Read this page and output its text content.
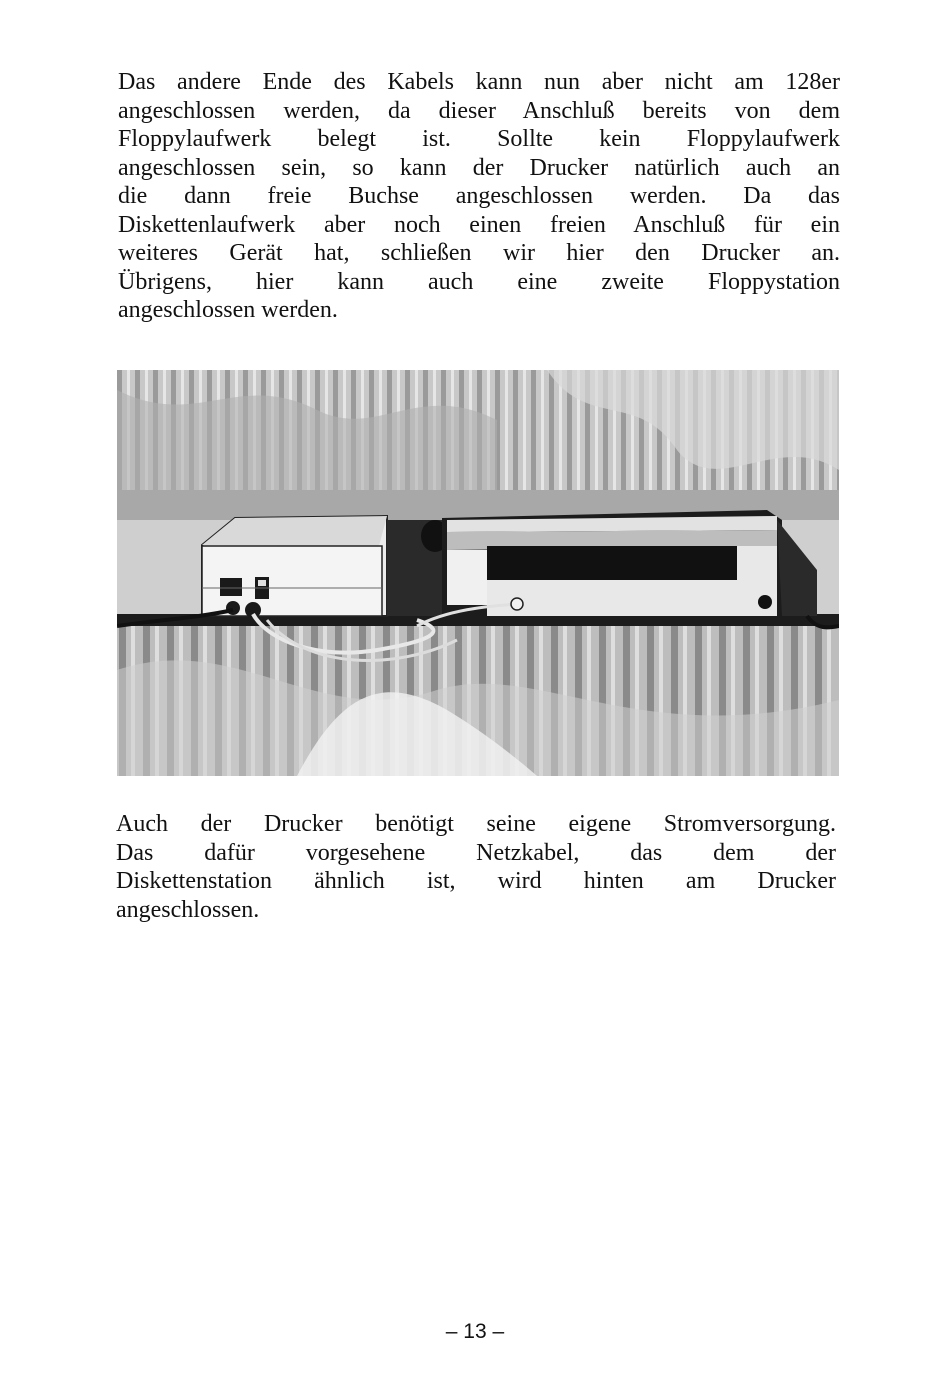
Das andere Ende des Kabels kann nun aber nicht am 128er
angeschlossen werden, da dieser Anschluß bereits von dem
Floppylaufwerk belegt ist. Sollte kein Floppylaufwerk
angeschlossen sein, so kann der Drucker natürlich auch an
die dann freie Buchse angeschlossen werden. Da das
Diskettenlaufwerk aber noch einen freien Anschluß für ein
weiteres Gerät hat, schließen wir hier den Drucker an.
Übrigens, hier kann auch eine zweite Floppystation
angeschlossen werden.

Auch der Drucker benötigt seine eigene Stromversorgung.
Das dafür vorgesehene Netzkabel, das dem der
Diskettenstation ähnlich ist, wird hinten am Drucker
angeschlossen.

– 13 –
